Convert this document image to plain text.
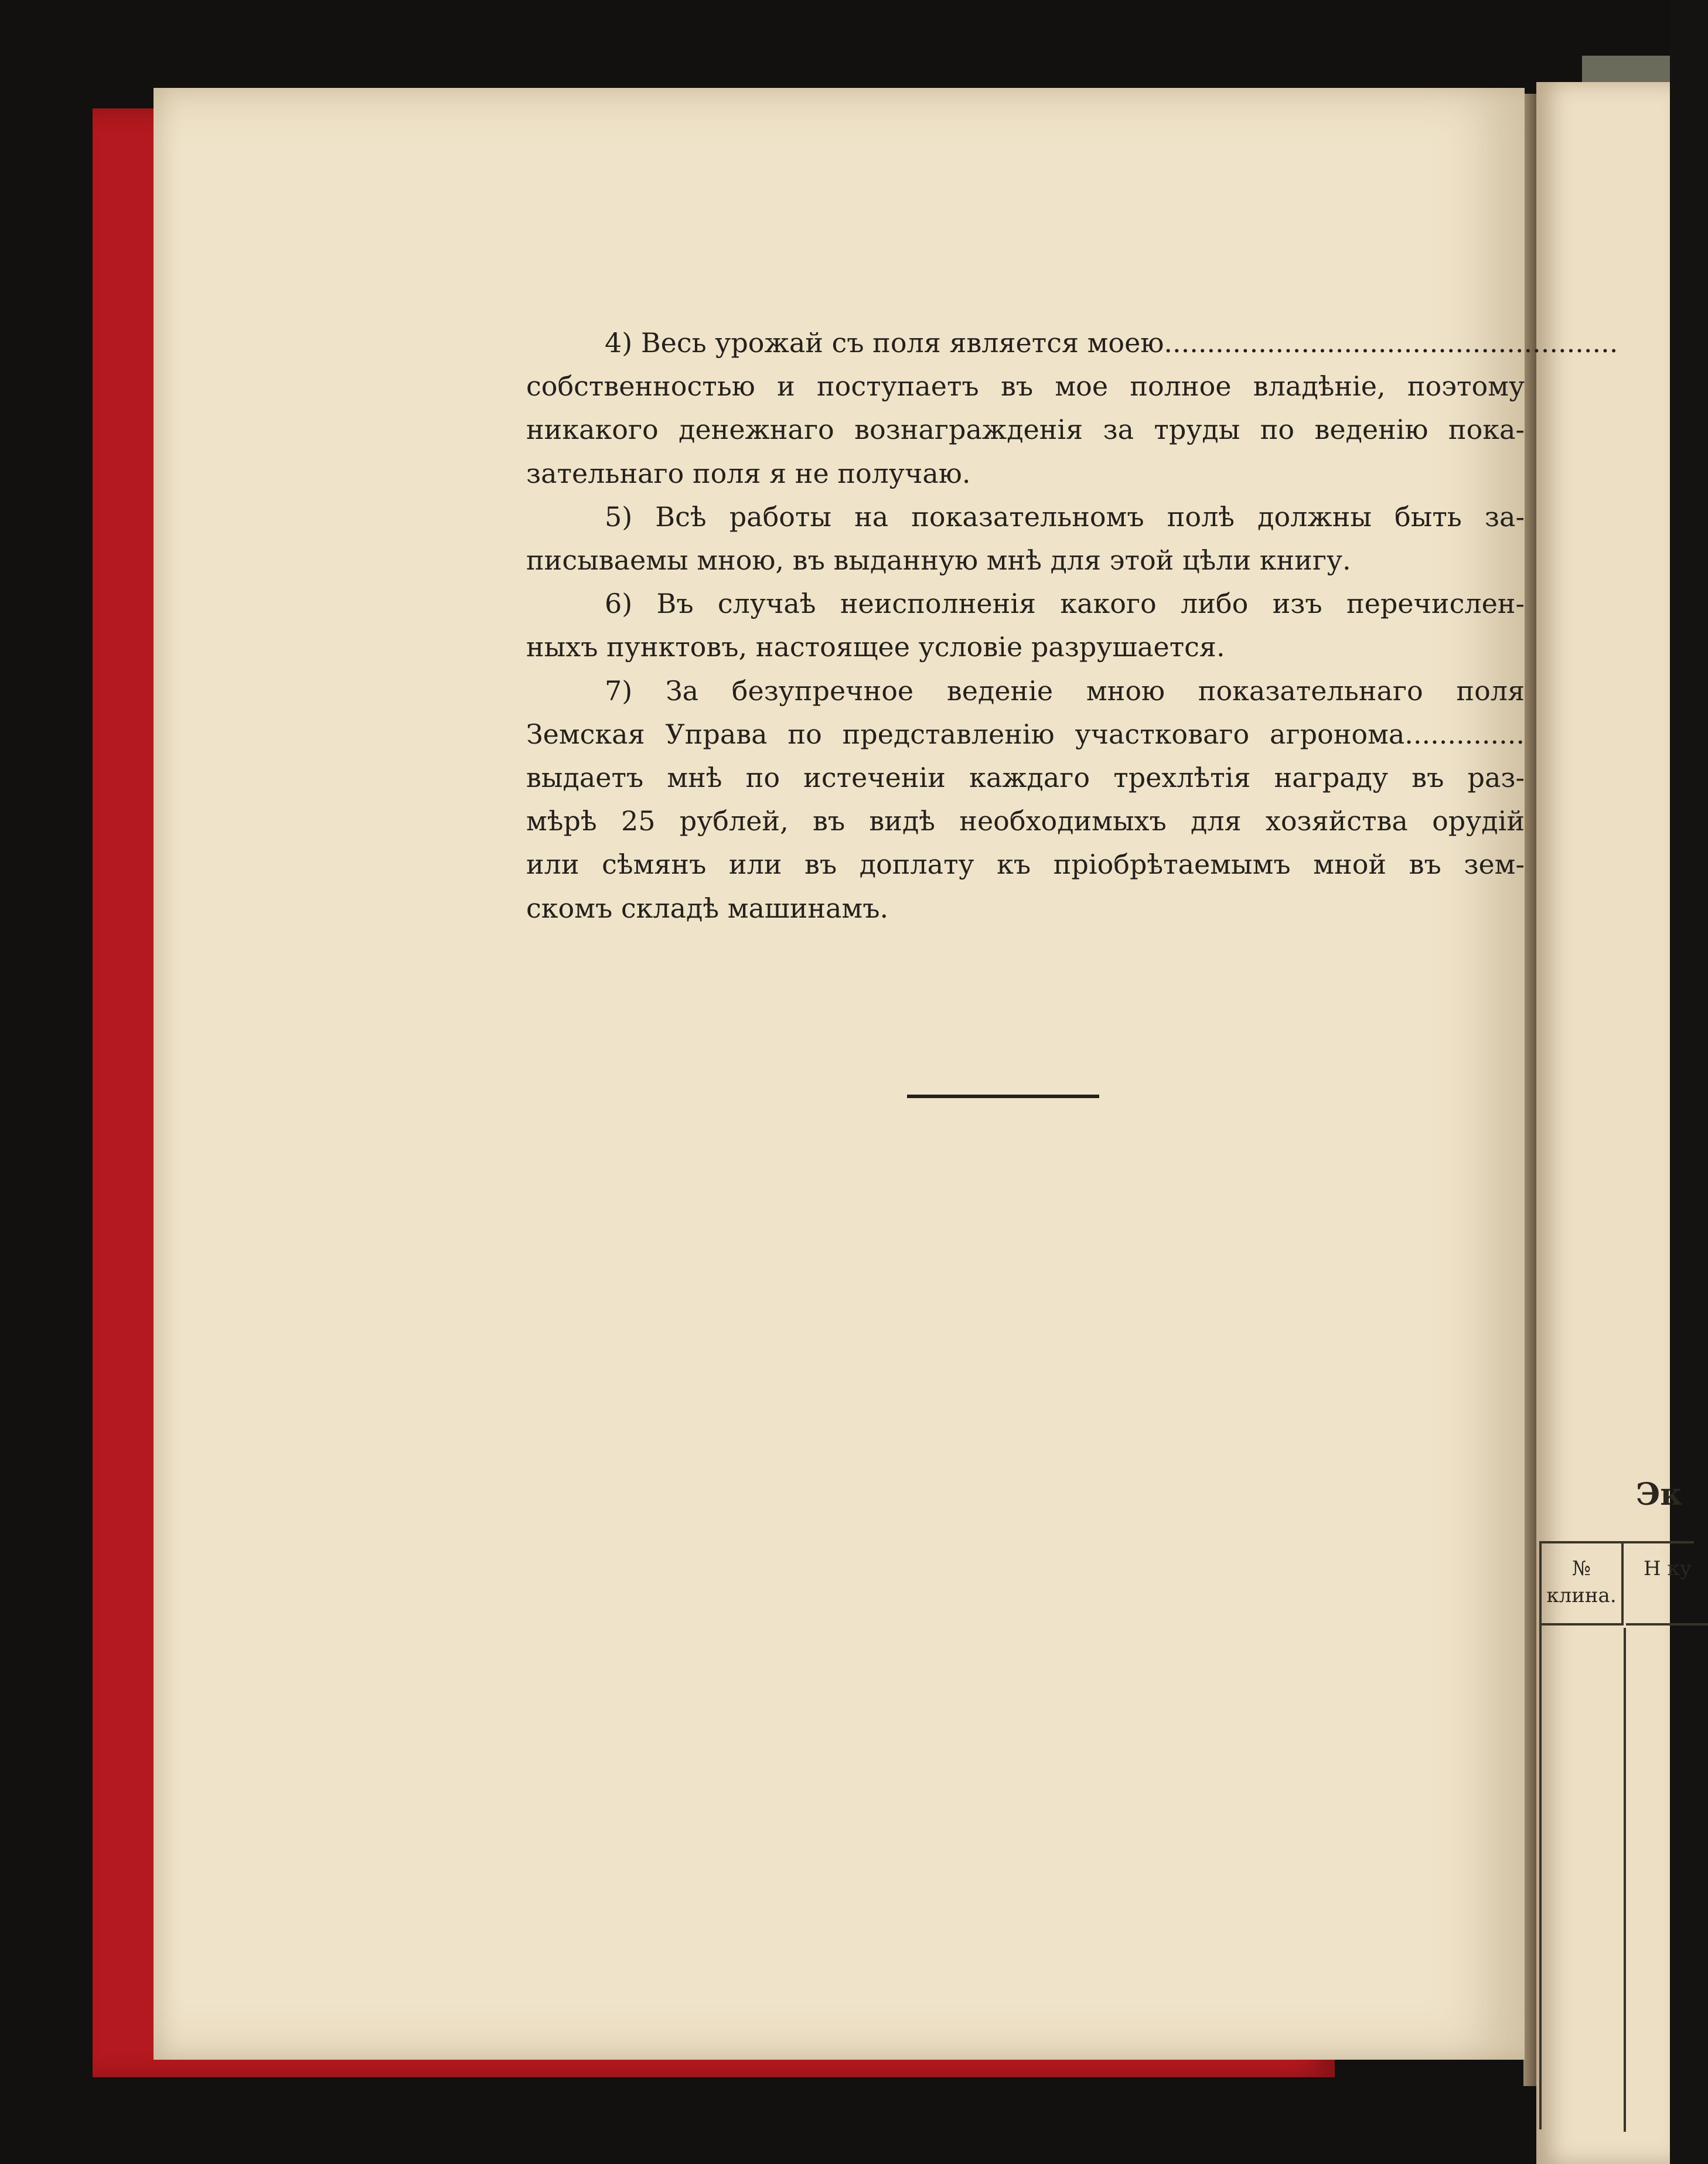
Эк
№ клина.
Н ку

4) Весь урожай съ поля является моею.....................................................
собственностью и поступаетъ въ мое полное владѣніе, поэтому
никакого денежнаго вознагражденія за труды по веденію пока-
зательнаго поля я не получаю.

5) Всѣ работы на показательномъ полѣ должны быть за-
писываемы мною, въ выданную мнѣ для этой цѣли книгу.

6) Въ случаѣ неисполненія какого либо изъ перечислен-
ныхъ пунктовъ, настоящее условіе разрушается.

7) За безупречное веденіе мною показательнаго поля
Земская Управа по представленію участковаго агронома..............
выдаетъ мнѣ по истеченіи каждаго трехлѣтія награду въ раз-
мѣрѣ 25 рублей, въ видѣ необходимыхъ для хозяйства орудій
или сѣмянъ или въ доплату къ пріобрѣтаемымъ мной въ зем-
скомъ складѣ машинамъ.
